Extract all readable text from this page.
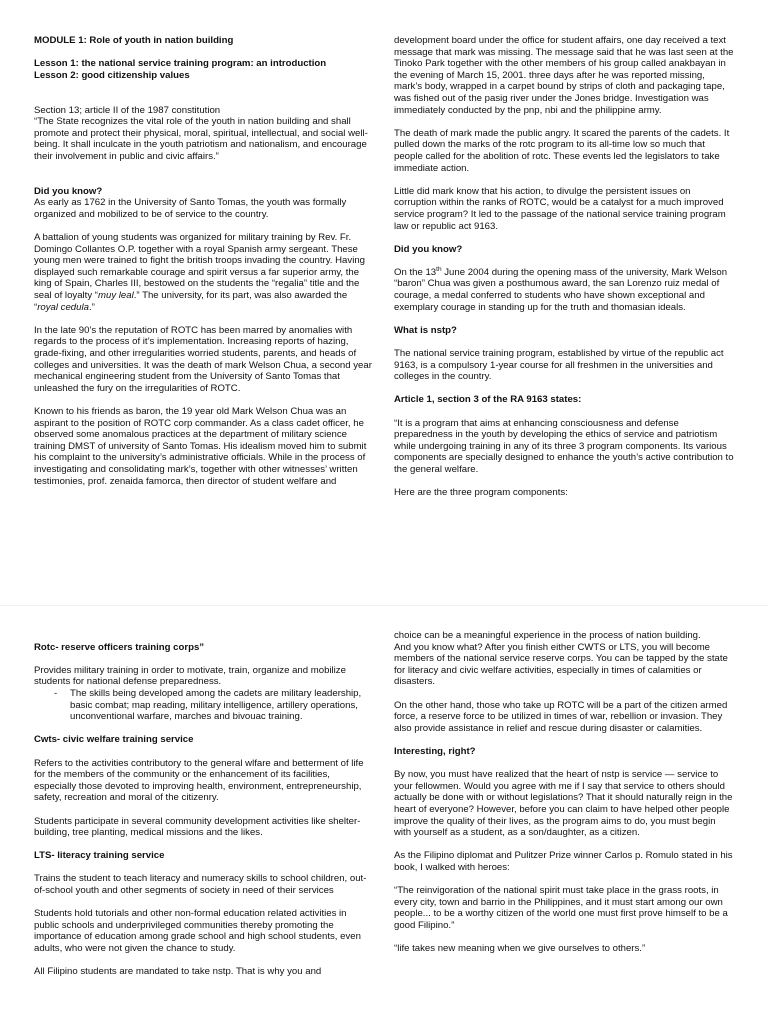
MODULE 1: Role of youth in nation building
Lesson 1: the national service training program: an introduction
Lesson 2: good citizenship values
Section 13; article II of the 1987 constitution

“The State recognizes the vital role of the youth in nation building and shall promote and protect their physical, moral, spiritual, intellectual, and social well-being. It shall inculcate in the youth patriotism and nationalism, and encourage their involvement in public and civic affairs.”

Did you know?

As early as 1762 in the University of Santo Tomas, the youth was formally organized and mobilized to be of service to the country.

A battalion of young students was organized for military training by Rev. Fr. Domingo Collantes O.P. together with a royal Spanish army sergeant. These young men were trained to fight the british troops invading the country. Having displayed such remarkable courage and spirit versus a far superior army, the king of Spain, Charles III, bestowed on the students the “regalia” title and the seal of loyalty “muy leal.” The university, for its part, was also awarded the “royal cedula.”

In the late 90’s the reputation of ROTC has been marred by anomalies with regards to the process of it’s implementation. Increasing reports of hazing, grade-fixing, and other irregularities worried students, parents, and heads of colleges and universities. It was the death of mark Welson Chua, a second year mechanical engineering student from the University of Santo Tomas that unleashed the fury on the irregularities of ROTC.

Known to his friends as baron, the 19 year old Mark Welson Chua was an aspirant to the position of ROTC corp commander. As a class cadet officer, he observed some anomalous practices at the department of military science training DMST of university of Santo Tomas. His idealism moved him to submit his complaint to the university’s administrative officials. While in the process of investigating and consolidating mark’s, together with other witnesses’ written testimonies, prof. zenaida famorca, then director of student welfare and

development board under the office for student affairs, one day received a text message that mark was missing. The message said that he was last seen at the Tinoko Park together with the other members of his group called anakbayan in the evening of March 15, 2001. three days after he was reported missing, mark’s body, wrapped in a carpet bound by strips of cloth and packaging tape, was fished out of the pasig river under the Jones bridge. Investigation was immediately conducted by the pnp, nbi and the philippine army.

The death of mark made the public angry. It scared the parents of the cadets. It pulled down the marks of the rotc program to its all-time low so much that people called for the abolition of rotc. These events led the legislators to take immediate action.

Little did mark know that his action, to divulge the persistent issues on corruption within the ranks of ROTC, would be a catalyst for a much improved service program? It led to the passage of the national service training program law or republic act 9163.

Did you know?

On the 13th June 2004 during the opening mass of the university, Mark Welson “baron” Chua was given a posthumous award, the san Lorenzo ruiz medal of courage, a medal conferred to students who have shown exceptional and exemplary courage in standing up for the truth and thomasian ideals.

What is nstp?

The national service training program, established by virtue of the republic act 9163, is a compulsory 1-year course for all freshmen in the universities and colleges in the country.

Article 1, section 3 of the RA 9163 states:

“It is a program that aims at enhancing consciousness and defense preparedness in the youth by developing the ethics of service and patriotism while undergoing training in any of its three 3 program components. Its various components are specially designed to enhance the youth’s active contribution to the general welfare.

Here are the three program components:

Rotc- reserve officers training corps”

Provides military training in order to motivate, train, organize and mobilize students for national defense preparedness.

- The skills being developed among the cadets are military leadership, basic combat; map reading, military intelligence, artillery operations, unconventional warfare, marches and bivouac training.
Cwts- civic welfare training service

Refers to the activities contributory to the general wlfare and betterment of life for the members of the community or the enhancement of its facilities, especially those devoted to improving health, environment, entrepreneurship, safety, recreation and moral of the citizenry.

Students participate in several community development activities like shelter-building, tree planting, medical missions and the likes.

LTS- literacy training service

Trains the student to teach literacy and numeracy skills to school children, out-of-school youth and other segments of society in need of their services

Students hold tutorials and other non-formal education related activities in public schools and underprivileged communities thereby promoting the importance of education among grade school and high school students, even adults, who were not given the chance to study.

All Filipino students are mandated to take nstp. That is why you and

choice can be a meaningful experience in the process of nation building.

And you know what? After you finish either CWTS or LTS, you will become members of the national service reserve corps. You can be tapped by the state for literacy and civic welfare activities, especially in times of calamities or disasters.

On the other hand, those who take up ROTC will be a part of the citizen armed force, a reserve force to be utilized in times of war, rebellion or invasion. They also provide assistance in relief and rescue during disaster or calamities.

Interesting, right?

By now, you must have realized that the heart of nstp is service — service to your fellowmen. Would you agree with me if I say that service to others should actually be done with or without legislations? That it should naturally reign in the heart of everyone? However, before you can claim to have helped other people improve the quality of their lives, as the program aims to do, you must begin with yourself as a student, as a son/daughter, as a citizen.

As the Filipino diplomat and Pulitzer Prize winner Carlos p. Romulo stated in his book, I walked with heroes:

“The reinvigoration of the national spirit must take place in the grass roots, in every city, town and barrio in the Philippines, and it must start among our own people... to be a worthy citizen of the world one must first prove himself to be a good Filipino.”

“life takes new meaning when we give ourselves to others.”
